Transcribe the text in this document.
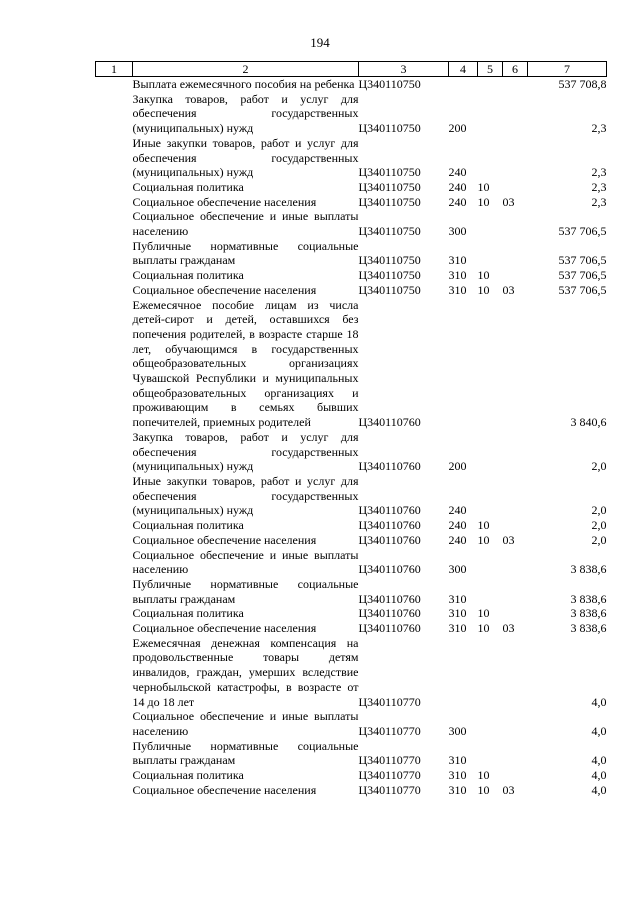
194
1	2	3	4	5	6	7
	Выплата ежемесячного пособия на ребенка	Ц340110750				537 708,8
	Закупка товаров, работ и услуг для обеспечения государственных (муниципальных) нужд	Ц340110750	200			2,3
	Иные закупки товаров, работ и услуг для обеспечения государственных (муниципальных) нужд	Ц340110750	240			2,3
	Социальная политика	Ц340110750	240	10		2,3
	Социальное обеспечение населения	Ц340110750	240	10	03	2,3
	Социальное обеспечение и иные выплаты населению	Ц340110750	300			537 706,5
	Публичные нормативные социальные выплаты гражданам	Ц340110750	310			537 706,5
	Социальная политика	Ц340110750	310	10		537 706,5
	Социальное обеспечение населения	Ц340110750	310	10	03	537 706,5
	Ежемесячное пособие лицам из числа детей-сирот и детей, оставшихся без попечения родителей, в возрасте старше 18 лет, обучающимся в государственных общеобразовательных организациях Чувашской Республики и муниципальных общеобразовательных организациях и проживающим в семьях бывших попечителей, приемных родителей	Ц340110760				3 840,6
	Закупка товаров, работ и услуг для обеспечения государственных (муниципальных) нужд	Ц340110760	200			2,0
	Иные закупки товаров, работ и услуг для обеспечения государственных (муниципальных) нужд	Ц340110760	240			2,0
	Социальная политика	Ц340110760	240	10		2,0
	Социальное обеспечение населения	Ц340110760	240	10	03	2,0
	Социальное обеспечение и иные выплаты населению	Ц340110760	300			3 838,6
	Публичные нормативные социальные выплаты гражданам	Ц340110760	310			3 838,6
	Социальная политика	Ц340110760	310	10		3 838,6
	Социальное обеспечение населения	Ц340110760	310	10	03	3 838,6
	Ежемесячная денежная компенсация на продовольственные товары детям инвалидов, граждан, умерших вследствие чернобыльской катастрофы, в возрасте от 14 до 18 лет	Ц340110770				4,0
	Социальное обеспечение и иные выплаты населению	Ц340110770	300			4,0
	Публичные нормативные социальные выплаты гражданам	Ц340110770	310			4,0
	Социальная политика	Ц340110770	310	10		4,0
	Социальное обеспечение населения	Ц340110770	310	10	03	4,0
